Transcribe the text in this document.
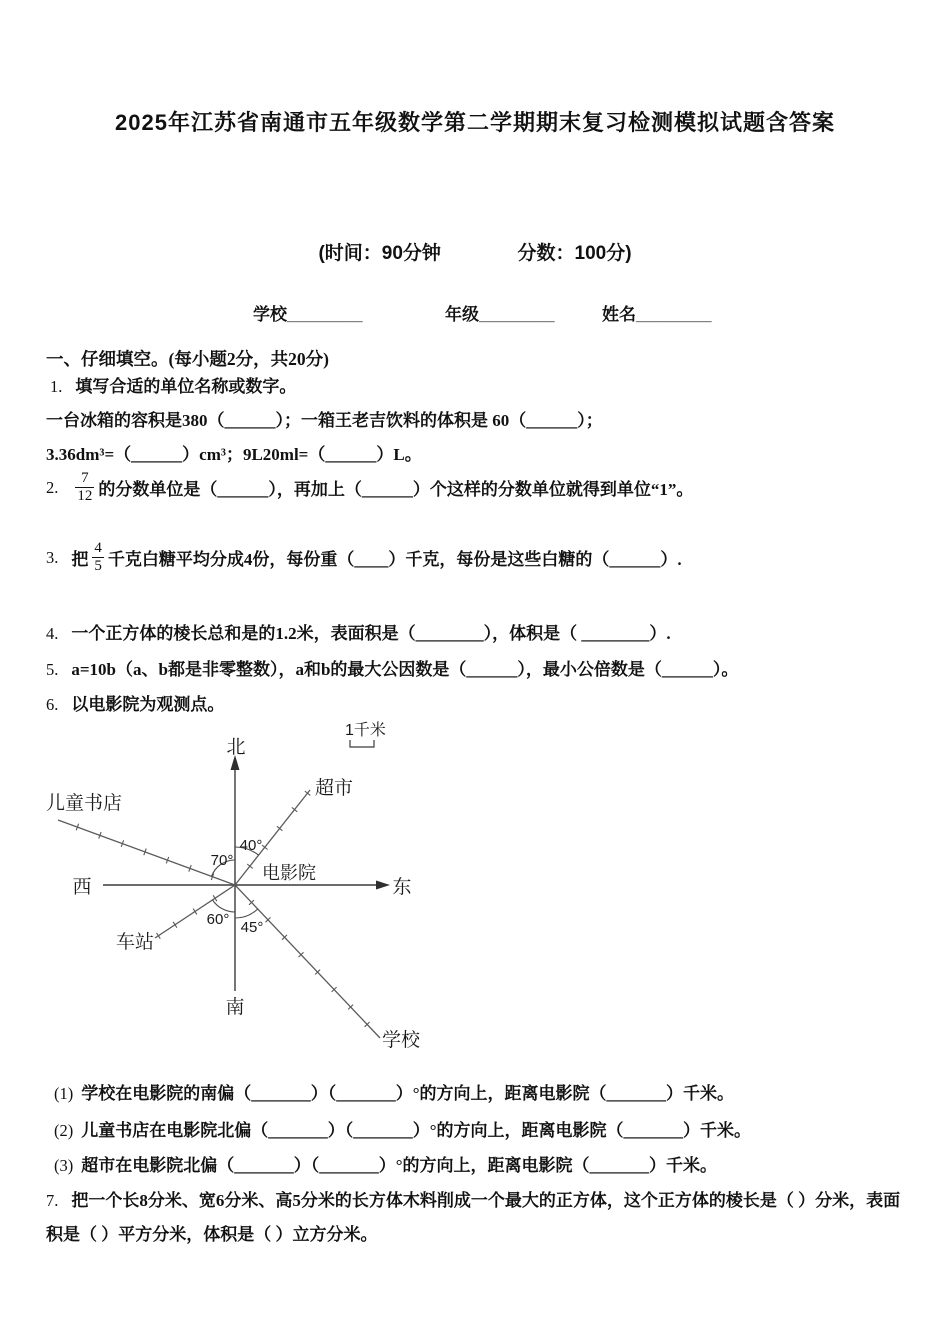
2025年江苏省南通市五年级数学第二学期期末复习检测模拟试题含答案
(时间：90分钟	分数：100分)
学校________	年级________	姓名________
一、仔细填空。(每小题2分，共20分)
1. 填写合适的单位名称或数字。
一台冰箱的容积是380（______）；一箱王老吉饮料的体积是 60（______）；
3.36dm³=（______）cm³；9L20ml=（______）L。
2. $\frac{7}{12}$ 的分数单位是（______），再加上（______）个这样的分数单位就得到单位“1”。
3. 把 $\frac{4}{5}$ 千克白糖平均分成4份，每份重（____）千克，每份是这些白糖的（______）.
4. 一个正方体的棱长总和是的1.2米，表面积是（________），体积是（ ________）.
5. a=10b（a、b都是非零整数），a和b的最大公因数是（______），最小公倍数是（______）。
6. 以电影院为观测点。
1千米
北
南
西	东
超市
儿童书店
车站
学校
电影院
40°
70°
60° 45°
(1) 学校在电影院的南偏（_______）（_______）°的方向上，距离电影院（_______）千米。
(2) 儿童书店在电影院北偏（_______）（_______）°的方向上，距离电影院（_______）千米。
(3) 超市在电影院北偏（_______）（_______）°的方向上，距离电影院（_______）千米。
7. 把一个长8分米、宽6分米、高5分米的长方体木料削成一个最大的正方体，这个正方体的棱长是（ ）分米，表面
积是（ ）平方分米，体积是（ ）立方分米。
